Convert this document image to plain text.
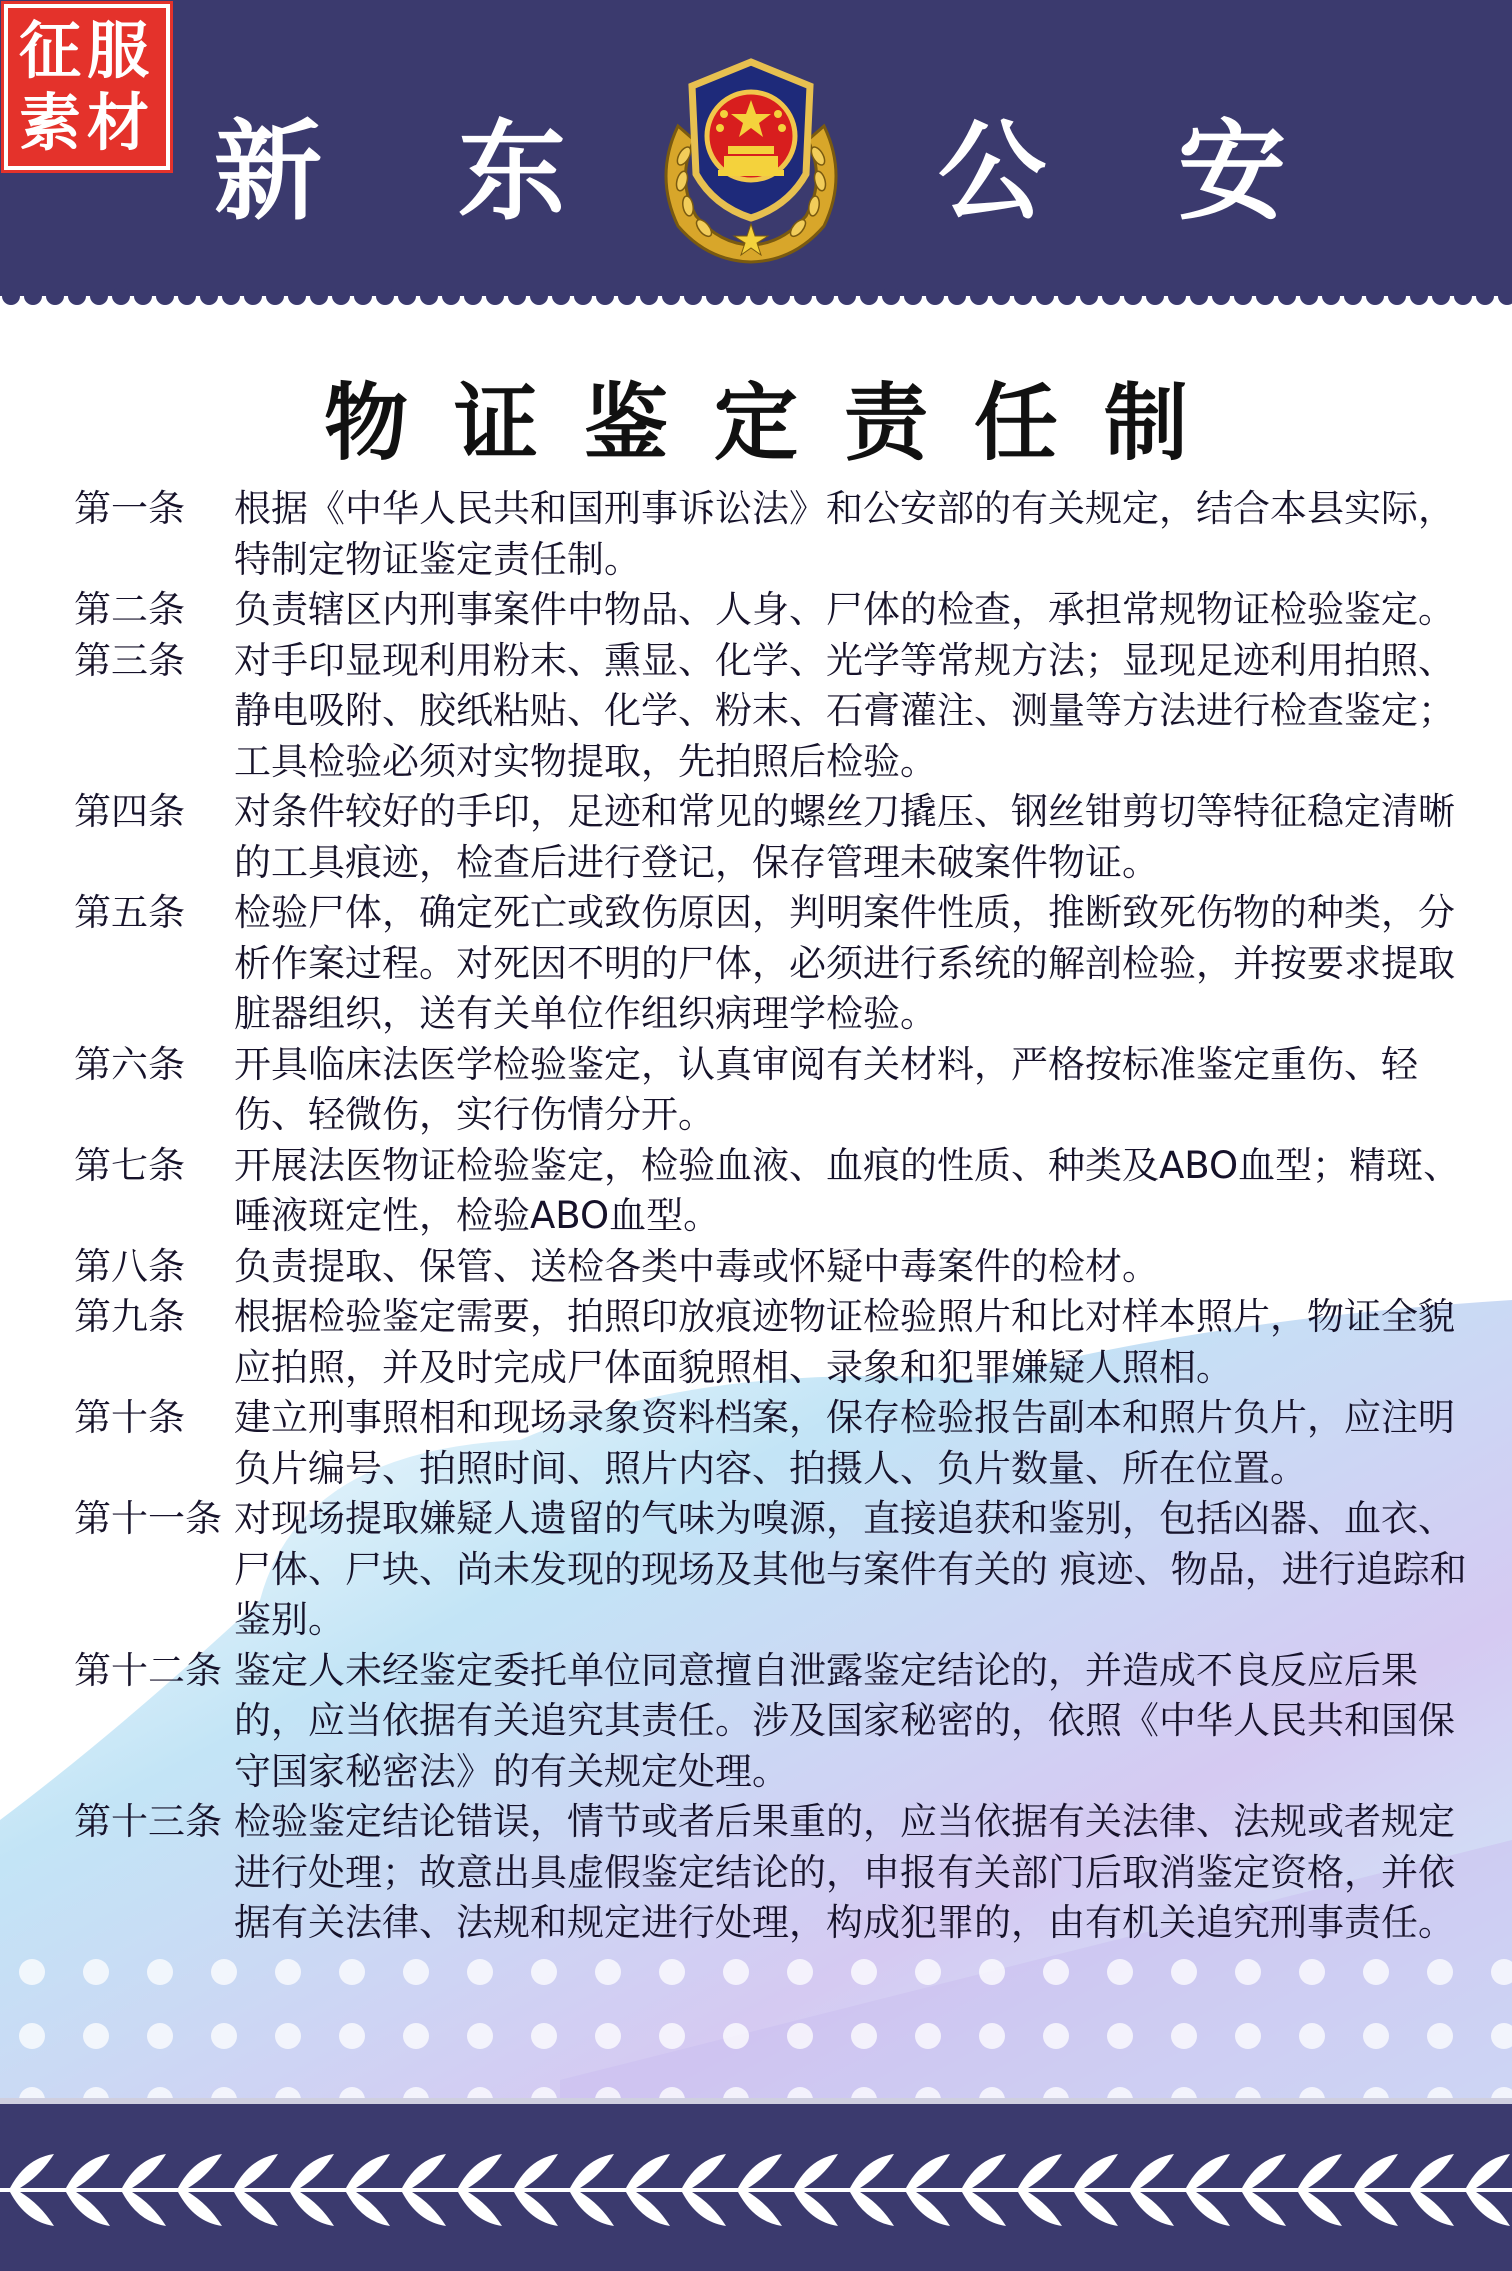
征服
素材 新 东	公 安
物证鉴定责任制
第一条 根据《中华人民共和国刑事诉讼法》和公安部的有关规定，结合本县实际，特制定物证鉴定责任制。
第二条 负责辖区内刑事案件中物品、人身、尸体的检查，承担常规物证检验鉴定。
第三条 对手印显现利用粉末、熏显、化学、光学等常规方法；显现足迹利用拍照、静电吸附、胶纸粘贴、化学、粉末、石膏灌注、测量等方法进行检查鉴定；工具检验必须对实物提取，先拍照后检验。
第四条 对条件较好的手印，足迹和常见的螺丝刀撬压、钢丝钳剪切等特征稳定清晰的工具痕迹，检查后进行登记，保存管理未破案件物证。
第五条 检验尸体，确定死亡或致伤原因，判明案件性质，推断致死伤物的种类，分析作案过程。对死因不明的尸体，必须进行系统的解剖检验，并按要求提取脏器组织，送有关单位作组织病理学检验。
第六条 开具临床法医学检验鉴定，认真审阅有关材料，严格按标准鉴定重伤、轻伤、轻微伤，实行伤情分开。
第七条 开展法医物证检验鉴定，检验血液、血痕的性质、种类及ABO血型；精斑、唾液斑定性，检验ABO血型。
第八条 负责提取、保管、送检各类中毒或怀疑中毒案件的检材。
第九条 根据检验鉴定需要，拍照印放痕迹物证检验照片和比对样本照片，物证全貌应拍照，并及时完成尸体面貌照相、录象和犯罪嫌疑人照相。
第十条 建立刑事照相和现场录象资料档案，保存检验报告副本和照片负片，应注明负片编号、拍照时间、照片内容、拍摄人、负片数量、所在位置。
第十一条 对现场提取嫌疑人遗留的气味为嗅源，直接追获和鉴别，包括凶器、血衣、尸体、尸块、尚未发现的现场及其他与案件有关的 痕迹、物品，进行追踪和鉴别。
第十二条 鉴定人未经鉴定委托单位同意擅自泄露鉴定结论的，并造成不良反应后果的，应当依据有关追究其责任。涉及国家秘密的，依照《中华人民共和国保守国家秘密法》的有关规定处理。
第十三条 检验鉴定结论错误，情节或者后果重的，应当依据有关法律、法规或者规定进行处理；故意出具虚假鉴定结论的，申报有关部门后取消鉴定资格，并依据有关法律、法规和规定进行处理，构成犯罪的，由有机关追究刑事责任。
